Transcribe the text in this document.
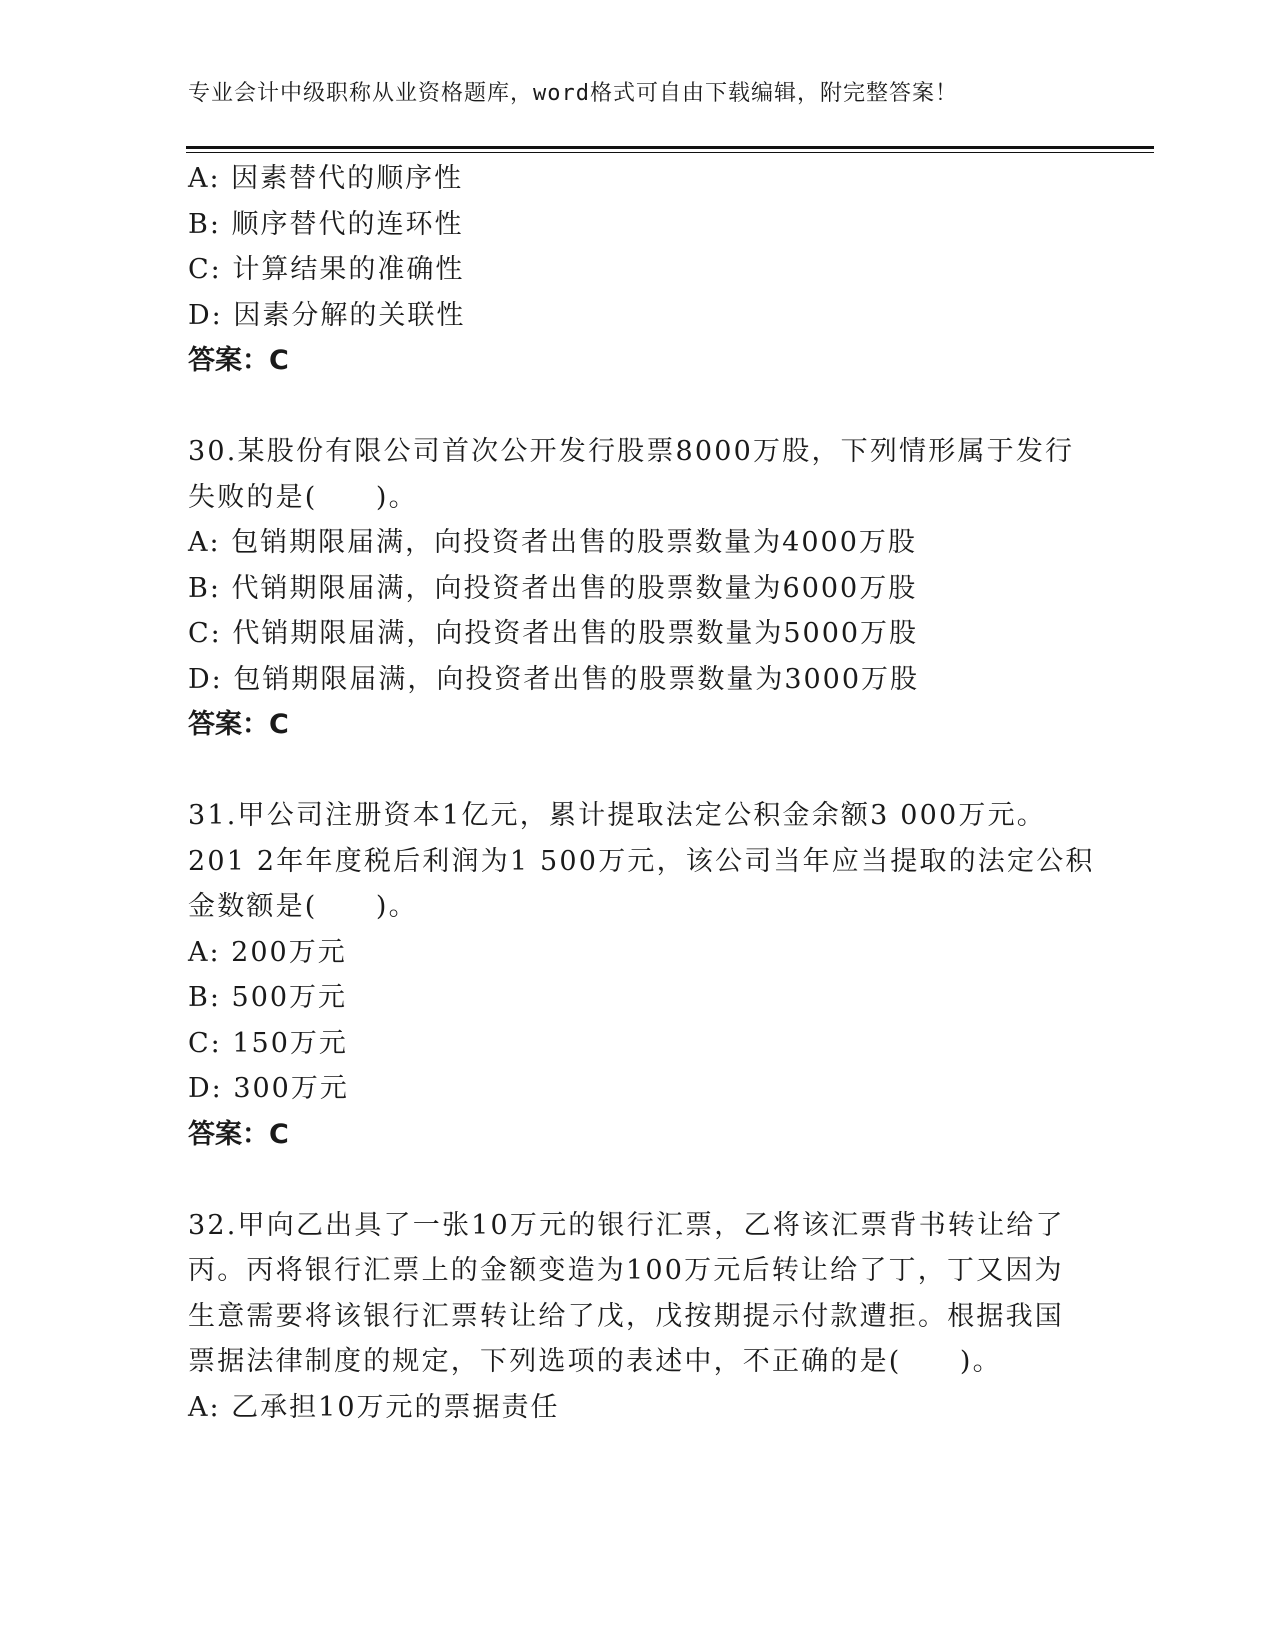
专业会计中级职称从业资格题库，word格式可自由下载编辑，附完整答案！
A: 因素替代的顺序性
B: 顺序替代的连环性
C: 计算结果的准确性
D: 因素分解的关联性
答案：C
30.某股份有限公司首次公开发行股票8000万股，下列情形属于发行
失败的是(　　)。
A: 包销期限届满，向投资者出售的股票数量为4000万股
B: 代销期限届满，向投资者出售的股票数量为6000万股
C: 代销期限届满，向投资者出售的股票数量为5000万股
D: 包销期限届满，向投资者出售的股票数量为3000万股
答案：C
31.甲公司注册资本1亿元，累计提取法定公积金余额3 000万元。
201 2年年度税后利润为1 500万元，该公司当年应当提取的法定公积
金数额是(　　)。
A: 200万元
B: 500万元
C: 150万元
D: 300万元
答案：C
32.甲向乙出具了一张10万元的银行汇票，乙将该汇票背书转让给了
丙。丙将银行汇票上的金额变造为100万元后转让给了丁，丁又因为
生意需要将该银行汇票转让给了戊，戊按期提示付款遭拒。根据我国
票据法律制度的规定，下列选项的表述中，不正确的是(　　)。
A: 乙承担10万元的票据责任
